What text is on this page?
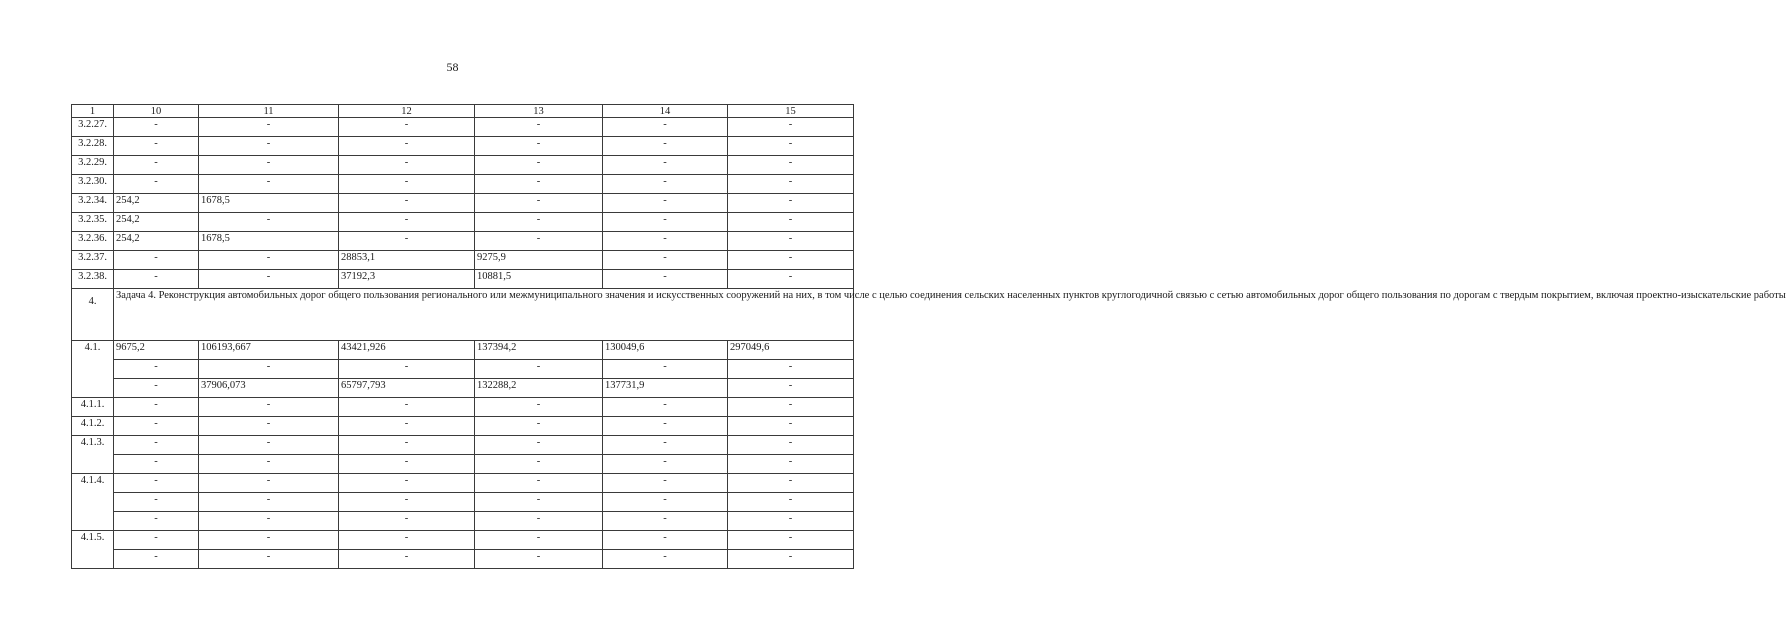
58
1	10	11	12	13	14	15
3.2.27.	-	-	-	-	-	-
3.2.28.	-	-	-	-	-	-
3.2.29.	-	-	-	-	-	-
3.2.30.	-	-	-	-	-	-
3.2.34.	254,2	1678,5	-	-	-	-
3.2.35.	254,2	-	-	-	-	-
3.2.36.	254,2	1678,5	-	-	-	-
3.2.37.	-	-	28853,1	9275,9	-	-
3.2.38.	-	-	37192,3	10881,5	-	-
4.	Задача 4. Реконструкция автомобильных дорог общего пользования регионального или межмуниципального значения и искусственных сооружений на них, в том числе с целью соединения сельских населенных пунктов круглогодичной связью с сетью автомобильных дорог общего пользования по дорогам с твердым покрытием, включая проектно-изыскательские работы					
4.1.	9675,2	106193,667	43421,926	137394,2	130049,6	297049,6
	-	-	-	-	-	-
	-	37906,073	65797,793	132288,2	137731,9	-
4.1.1.	-	-	-	-	-	-
4.1.2.	-	-	-	-	-	-
4.1.3.	-	-	-	-	-	-
	-	-	-	-	-	-
4.1.4.	-	-	-	-	-	-
	-	-	-	-	-	-
	-	-	-	-	-	-
4.1.5.	-	-	-	-	-	-
	-	-	-	-	-	-
